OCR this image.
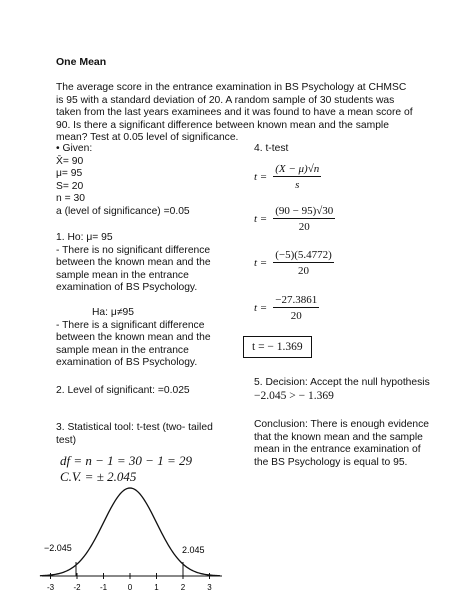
One Mean
The average score in the entrance examination in BS Psychology at CHMSC is 95 with a standard deviation of 20. A random sample of 30 students was taken from the last years examinees and it was found to have a mean score of 90. Is there a significant difference between known mean and the sample mean? Test at 0.05 level of significance.
• Given:
X̄= 90
μ= 95
S= 20
n = 30
a (level of significance) =0.05
1. Ho: μ= 95
- There is no significant difference between the known mean and the sample mean in the entrance examination of BS Psychology.
Ha: μ≠95
- There is a significant difference between the known mean and the sample mean in the entrance examination of BS Psychology.
2. Level of significant: =0.025
3. Statistical tool: t-test (two- tailed test)
df = n − 1 = 30 − 1 = 29
C.V. = ± 2.045
−2.045	2.045
-3 -2 -1	0	1	2	3
4. t-test
$t = \frac{(X - \mu)√n}{s}$
$t = \frac{(90 - 95)√30}{20}$
$t = \frac{(-5)(5.4772)}{20}$
$t = \frac{-27.3861}{20}$
t = − 1.369
5. Decision: Accept the null hypothesis
−2.045 > − 1.369
Conclusion: There is enough evidence that the known mean and the sample mean in the entrance examination of the BS Psychology is equal to 95.
